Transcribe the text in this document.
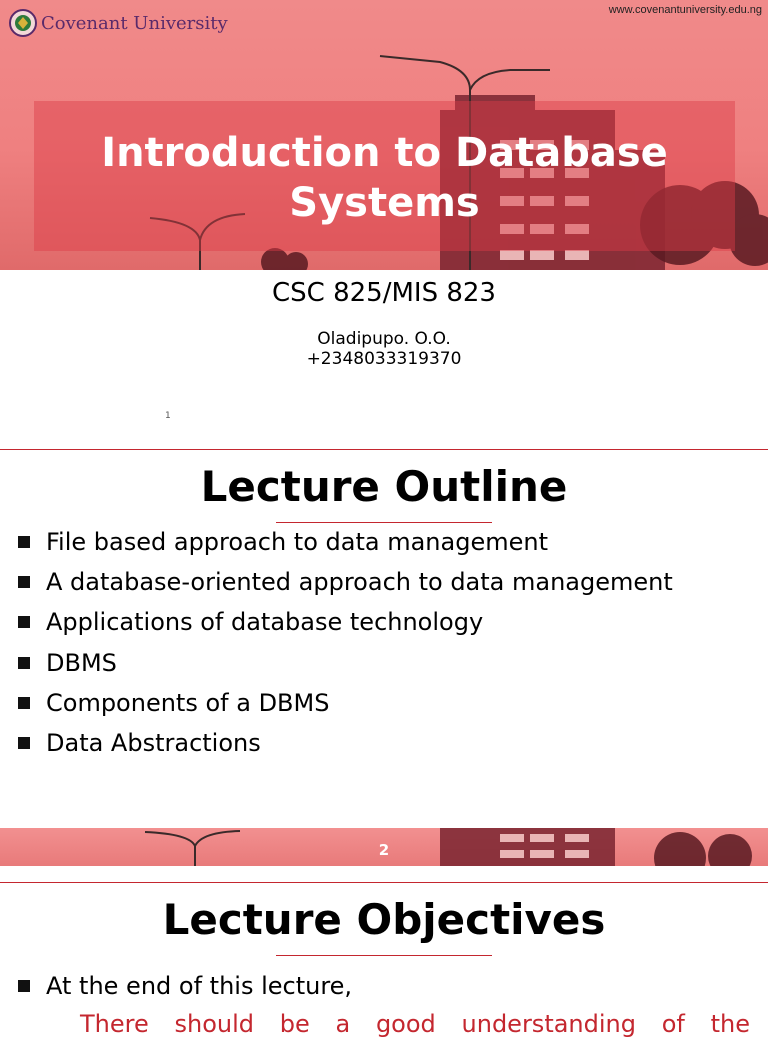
Covenant University
www.covenantuniversity.edu.ng
Introduction to Database
Systems
CSC 825/MIS 823
Oladipupo. O.O.
+2348033319370
1
Lecture Outline
File based approach to data management
A database-oriented approach to data management
Applications of database technology
DBMS
Components of a DBMS
Data Abstractions
2
Lecture Objectives
At the end of this lecture,
There should be a good understanding of the
